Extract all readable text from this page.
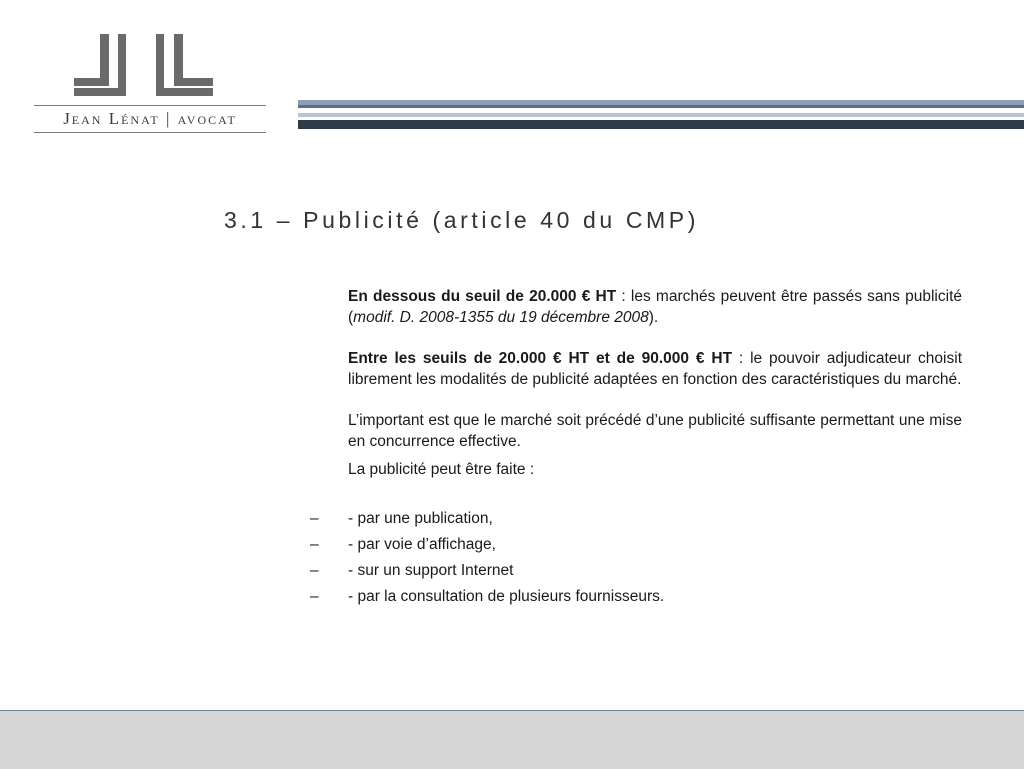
Jean Lénat | avocat
3.1 – Publicité (article 40 du CMP)

En dessous du seuil de 20.000 € HT : les marchés peuvent être passés sans publicité (modif. D. 2008-1355 du 19 décembre 2008).

Entre les seuils de 20.000 € HT et de 90.000 € HT : le pouvoir adjudicateur choisit librement les modalités de publicité adaptées en fonction des caractéristiques du marché.

L’important est que le marché soit précédé d’une publicité suffisante permettant une mise en concurrence effective.

La publicité peut être faite :

– - par une publication,
– - par voie d’affichage,
– - sur un support Internet
– - par la consultation de plusieurs fournisseurs.
